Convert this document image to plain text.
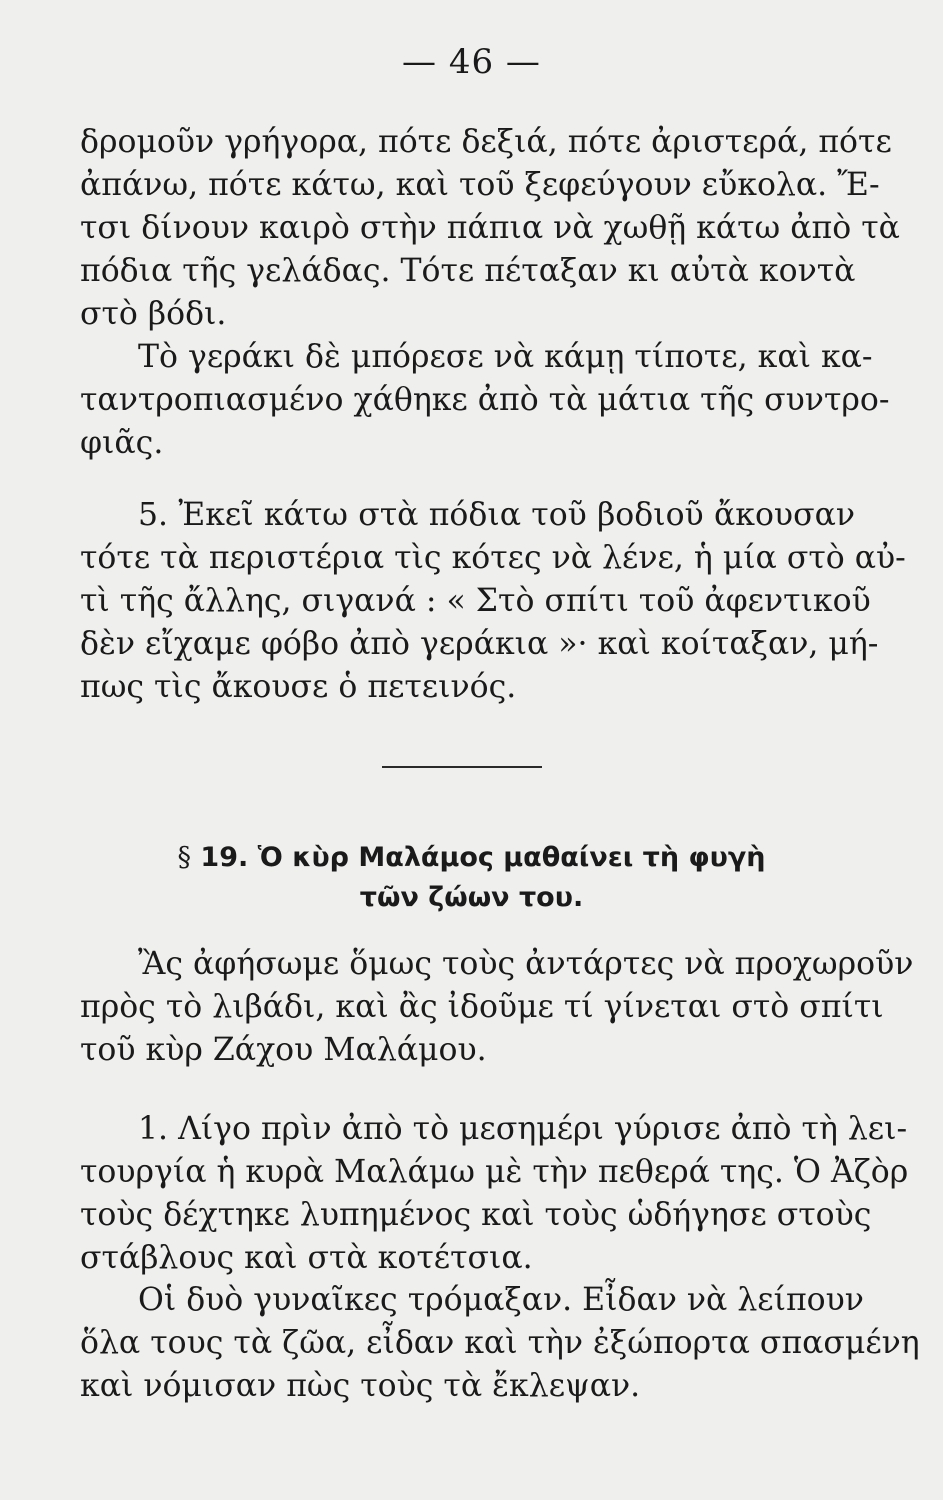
— 46 —
δρομοῦν γρήγορα, πότε δεξιά, πότε ἀριστερά, πότε
ἀπάνω, πότε κάτω, καὶ τοῦ ξεφεύγουν εὔκολα. Ἔ-
τσι δίνουν καιρὸ στὴν πάπια νὰ χωθῇ κάτω ἀπὸ τὰ
πόδια τῆς γελάδας. Τότε πέταξαν κι αὐτὰ κοντὰ
στὸ βόδι.
Τὸ γεράκι δὲ μπόρεσε νὰ κάμῃ τίποτε, καὶ κα-
ταντροπιασμένο χάθηκε ἀπὸ τὰ μάτια τῆς συντρο-
φιᾶς.
5. Ἐκεῖ κάτω στὰ πόδια τοῦ βοδιοῦ ἄκουσαν
τότε τὰ περιστέρια τὶς κότες νὰ λένε, ἡ μία στὸ αὐ-
τὶ τῆς ἄλλης, σιγανά : « Στὸ σπίτι τοῦ ἀφεντικοῦ
δὲν εἴχαμε φόβο ἀπὸ γεράκια »· καὶ κοίταξαν, μή-
πως τὶς ἄκουσε ὁ πετεινός.
§ 19. Ὁ κὺρ Μαλάμος μαθαίνει τὴ φυγὴ
τῶν ζώων του.
Ἂς ἀφήσωμε ὅμως τοὺς ἀντάρτες νὰ προχωροῦν
πρὸς τὸ λιβάδι, καὶ ἂς ἰδοῦμε τί γίνεται στὸ σπίτι
τοῦ κὺρ Ζάχου Μαλάμου.
1. Λίγο πρὶν ἀπὸ τὸ μεσημέρι γύρισε ἀπὸ τὴ λει-
τουργία ἡ κυρὰ Μαλάμω μὲ τὴν πεθερά της. Ὁ Ἀζὸρ
τοὺς δέχτηκε λυπημένος καὶ τοὺς ὡδήγησε στοὺς
στάβλους καὶ στὰ κοτέτσια.
Οἱ δυὸ γυναῖκες τρόμαξαν. Εἶδαν νὰ λείπουν
ὅλα τους τὰ ζῶα, εἶδαν καὶ τὴν ἐξώπορτα σπασμένη
καὶ νόμισαν πὼς τοὺς τὰ ἔκλεψαν.
